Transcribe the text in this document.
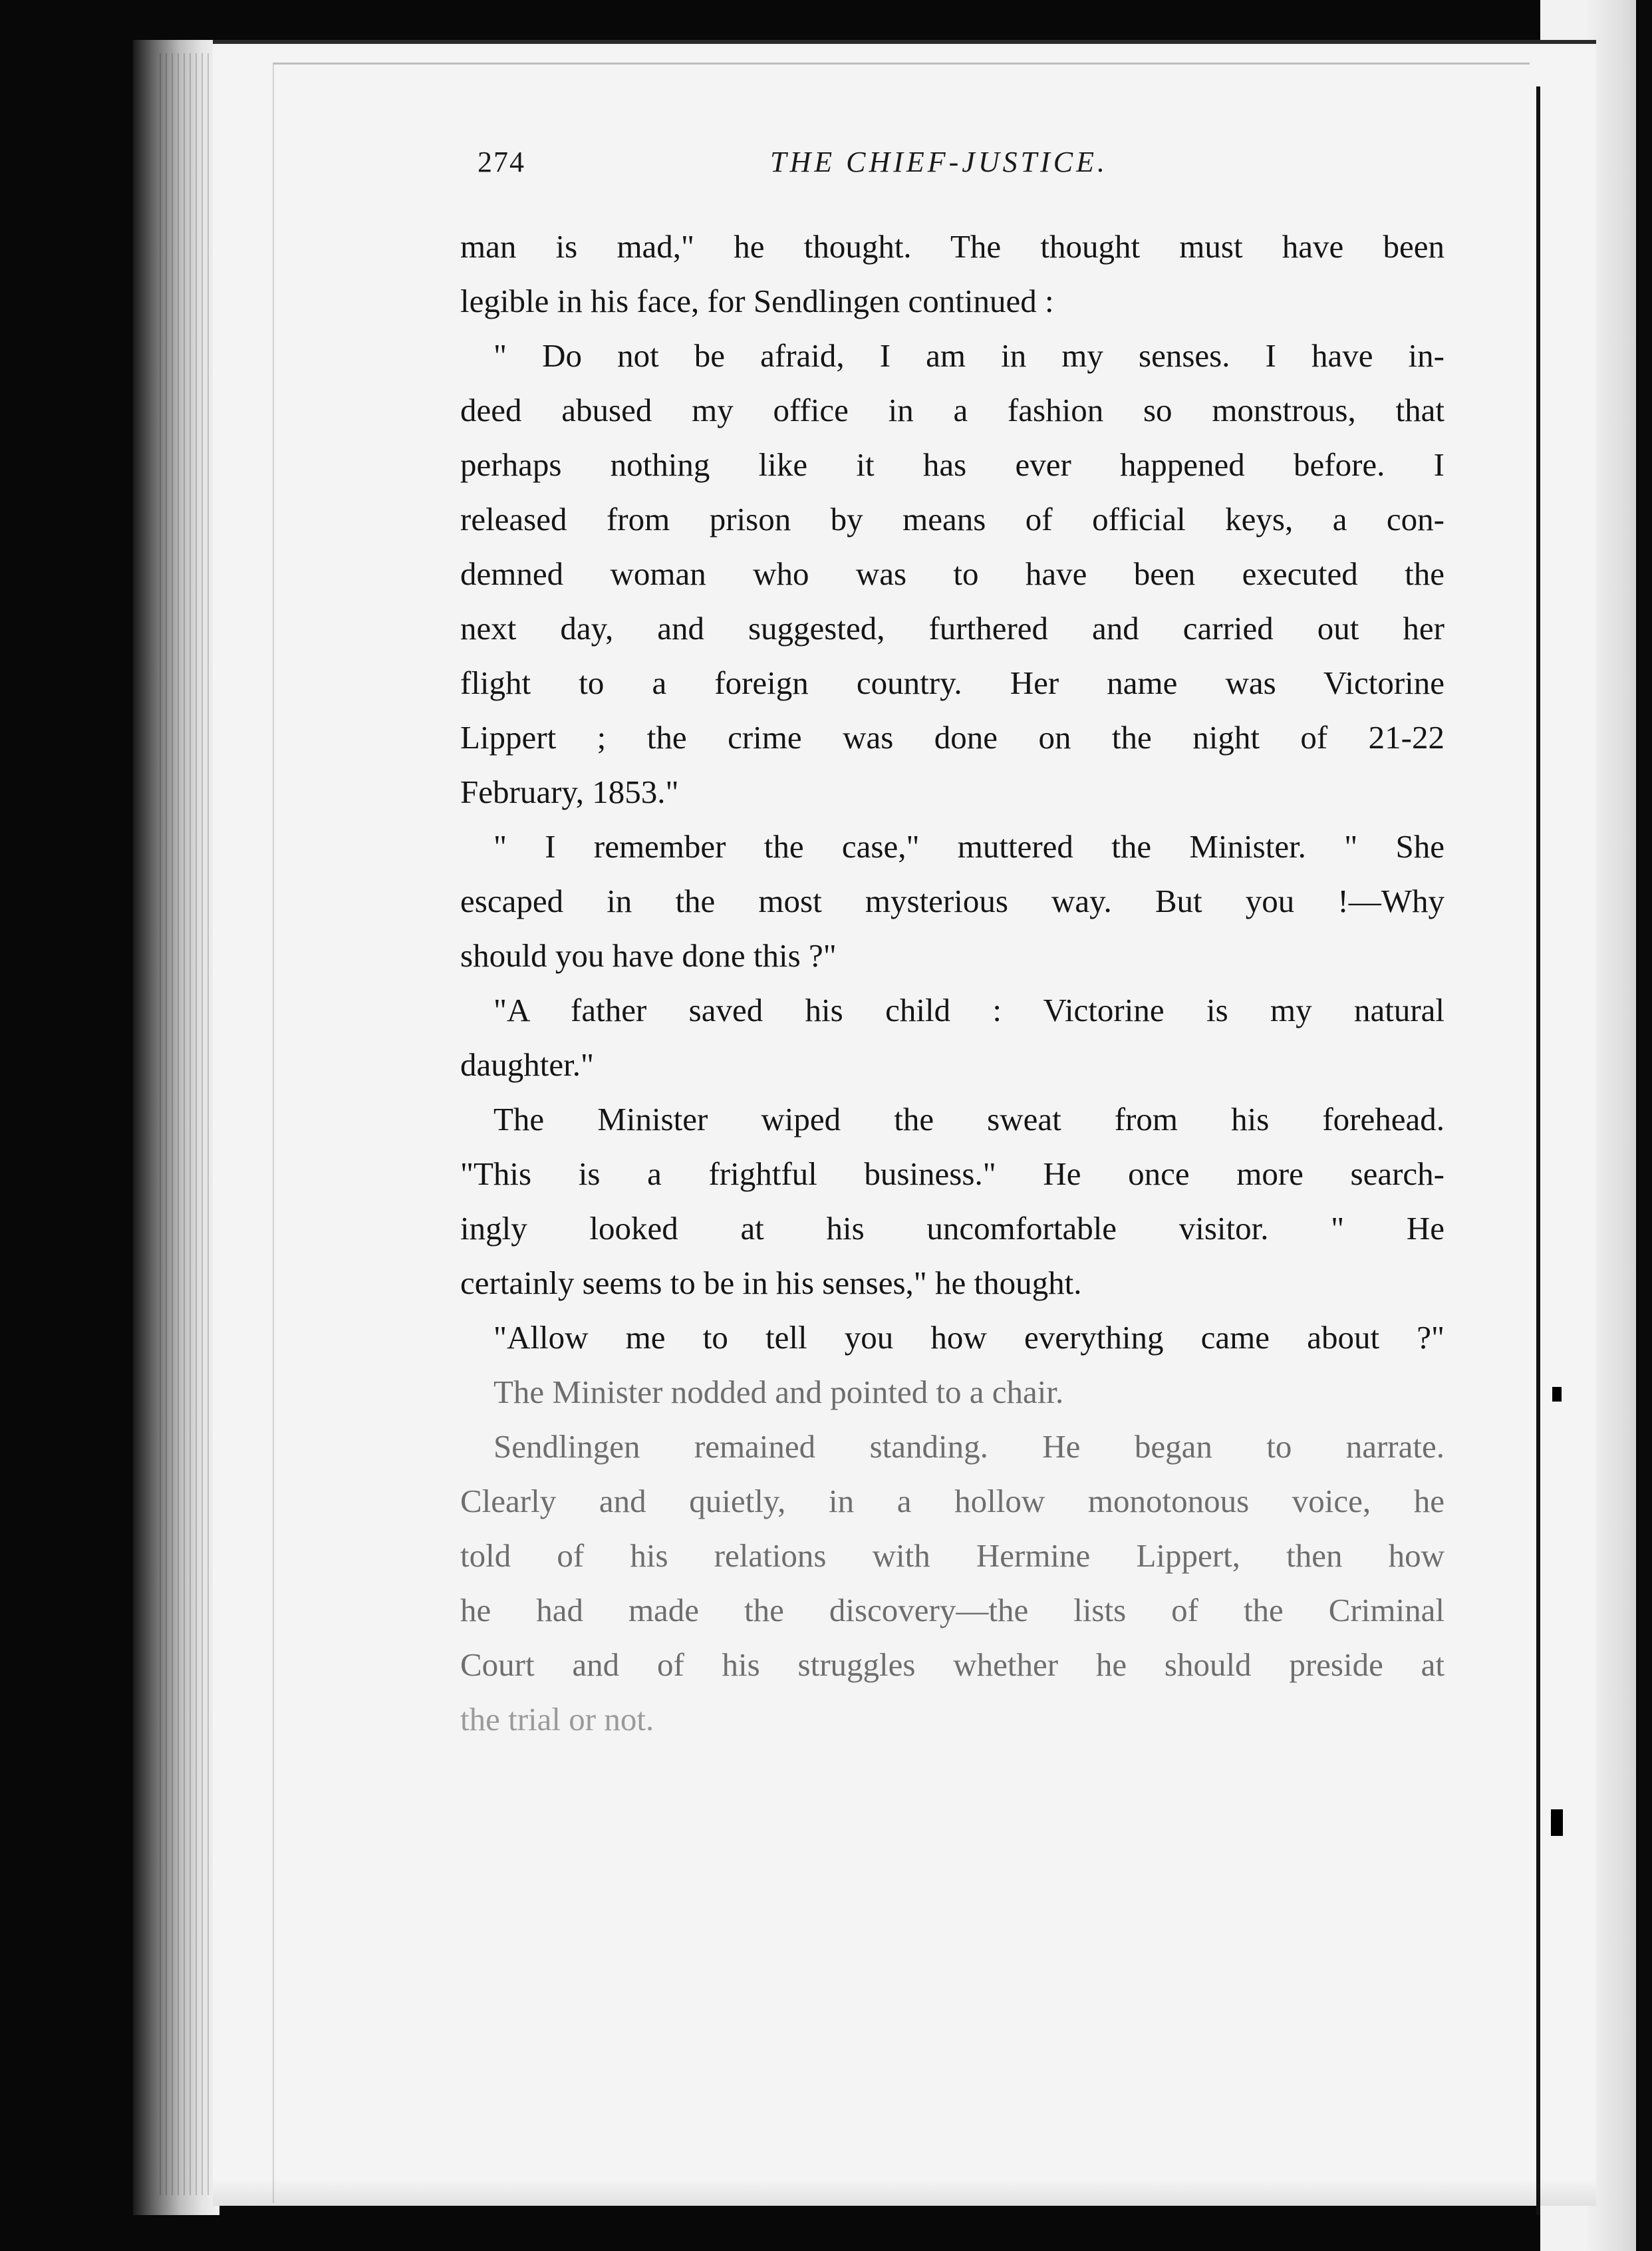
274	THE CHIEF-JUSTICE.
man is mad," he thought. The thought must have been
legible in his face, for Sendlingen continued :
" Do not be afraid, I am in my senses. I have in-
deed abused my office in a fashion so monstrous, that
perhaps nothing like it has ever happened before. I
released from prison by means of official keys, a con-
demned woman who was to have been executed the
next day, and suggested, furthered and carried out her
flight to a foreign country. Her name was Victorine
Lippert ; the crime was done on the night of 21-22
February, 1853."
" I remember the case," muttered the Minister. " She
escaped in the most mysterious way. But you !—Why
should you have done this ?"
"A father saved his child : Victorine is my natural
daughter."
The Minister wiped the sweat from his forehead.
"This is a frightful business." He once more search-
ingly looked at his uncomfortable visitor. " He
certainly seems to be in his senses," he thought.
"Allow me to tell you how everything came about ?"
The Minister nodded and pointed to a chair.
Sendlingen remained standing. He began to narrate.
Clearly and quietly, in a hollow monotonous voice, he
told of his relations with Hermine Lippert, then how
he had made the discovery—the lists of the Criminal
Court and of his struggles whether he should preside at
the trial or not.
